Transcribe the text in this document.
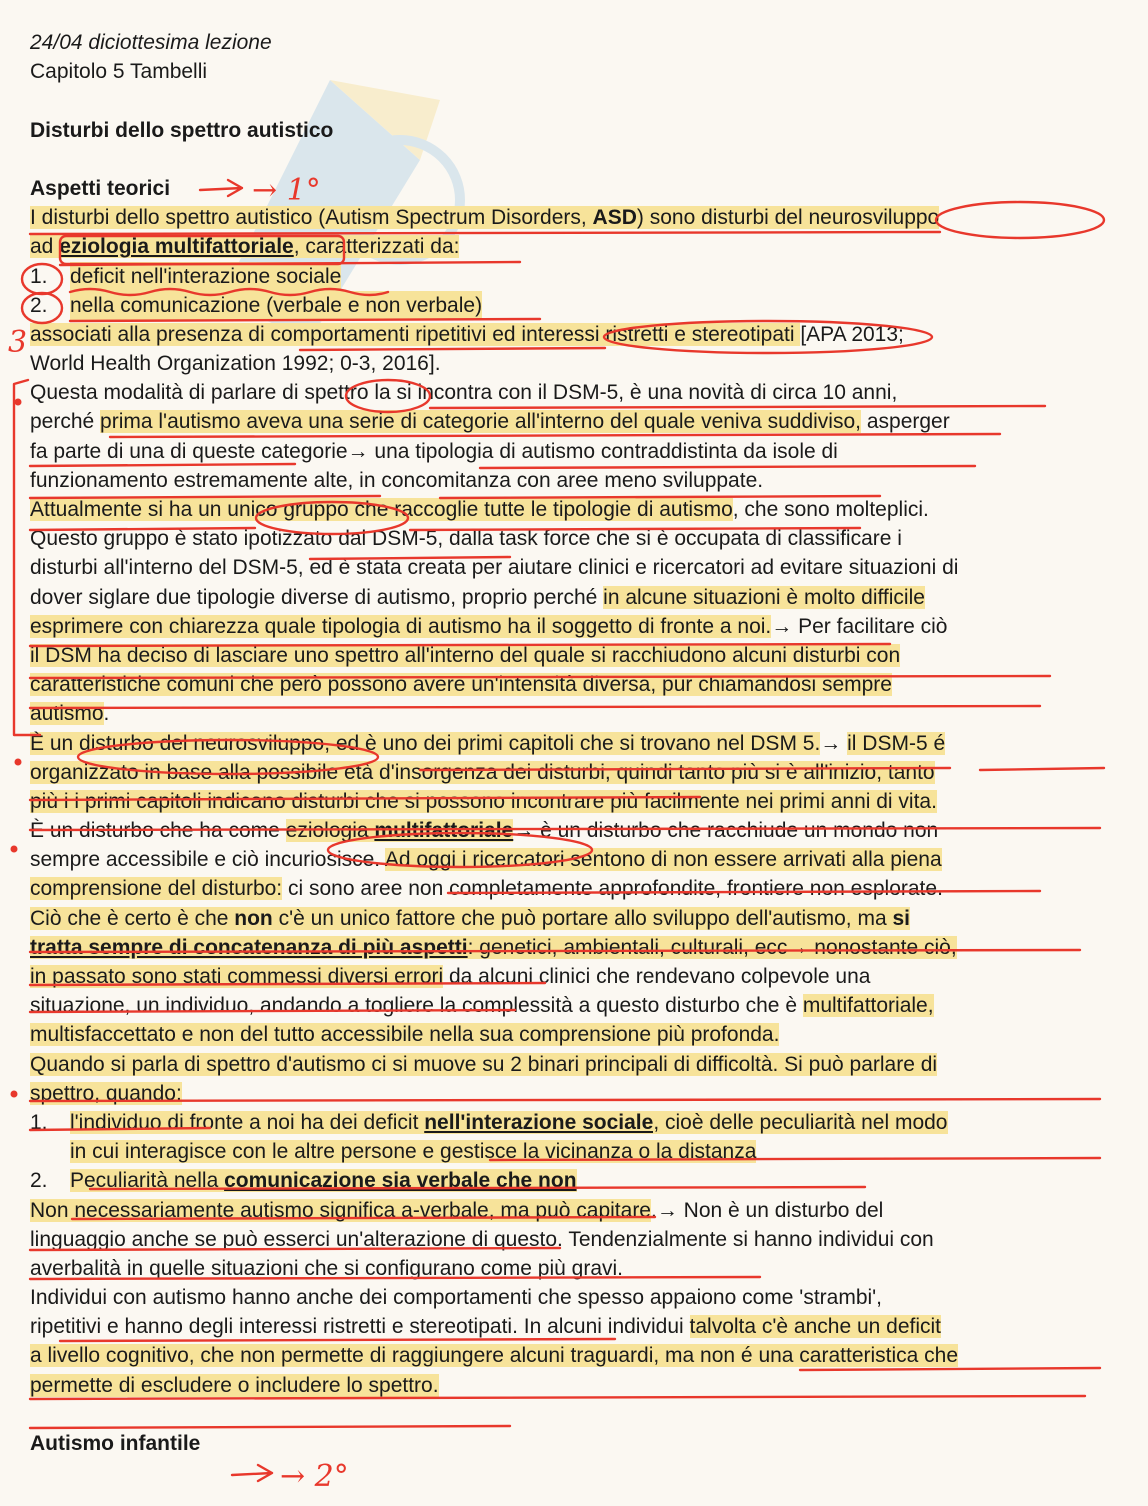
24/04 diciottesima lezione
Capitolo 5 Tambelli
Disturbi dello spettro autistico
Aspetti teorici
I disturbi dello spettro autistico (Autism Spectrum Disorders, ASD) sono disturbi del neurosviluppo
ad eziologia multifattoriale, caratterizzati da:
1. deficit nell'interazione sociale
2. nella comunicazione (verbale e non verbale)
associati alla presenza di comportamenti ripetitivi ed interessi ristretti e stereotipati [APA 2013;
World Health Organization 1992; 0-3, 2016].
Questa modalità di parlare di spettro la si incontra con il DSM-5, è una novità di circa 10 anni,
perché prima l'autismo aveva una serie di categorie all'interno del quale veniva suddiviso, asperger
fa parte di una di queste categorie→ una tipologia di autismo contraddistinta da isole di
funzionamento estremamente alte, in concomitanza con aree meno sviluppate.
Attualmente si ha un unico gruppo che raccoglie tutte le tipologie di autismo, che sono molteplici.
Questo gruppo è stato ipotizzato dal DSM-5, dalla task force che si è occupata di classificare i
disturbi all'interno del DSM-5, ed è stata creata per aiutare clinici e ricercatori ad evitare situazioni di
dover siglare due tipologie diverse di autismo, proprio perché in alcune situazioni è molto difficile
esprimere con chiarezza quale tipologia di autismo ha il soggetto di fronte a noi.→ Per facilitare ciò
il DSM ha deciso di lasciare uno spettro all'interno del quale si racchiudono alcuni disturbi con
caratteristiche comuni che però possono avere un'intensità diversa, pur chiamandosi sempre
autismo.
È un disturbo del neurosviluppo, ed è uno dei primi capitoli che si trovano nel DSM 5.→ il DSM-5 é
organizzato in base alla possibile età d'insorgenza dei disturbi, quindi tanto più si è all'inizio, tanto
più i i primi capitoli indicano disturbi che si possono incontrare più facilmente nei primi anni di vita.
È un disturbo che ha come eziologia multifattoriale→ è un disturbo che racchiude un mondo non
sempre accessibile e ciò incuriosisce. Ad oggi i ricercatori sentono di non essere arrivati alla piena
comprensione del disturbo: ci sono aree non completamente approfondite, frontiere non esplorate.
Ciò che è certo è che non c'è un unico fattore che può portare allo sviluppo dell'autismo, ma si
tratta sempre di concatenanza di più aspetti: genetici, ambientali, culturali, ecc→ nonostante ciò,
in passato sono stati commessi diversi errori da alcuni clinici che rendevano colpevole una
situazione, un individuo, andando a togliere la complessità a questo disturbo che è multifattoriale,
multisfaccettato e non del tutto accessibile nella sua comprensione più profonda.
Quando si parla di spettro d'autismo ci si muove su 2 binari principali di difficoltà. Si può parlare di
spettro, quando:
1. l'individuo di fronte a noi ha dei deficit nell'interazione sociale, cioè delle peculiarità nel modo
in cui interagisce con le altre persone e gestisce la vicinanza o la distanza
2. Peculiarità nella comunicazione sia verbale che non
Non necessariamente autismo significa a-verbale, ma può capitare.→ Non è un disturbo del
linguaggio anche se può esserci un'alterazione di questo. Tendenzialmente si hanno individui con
averbalità in quelle situazioni che si configurano come più gravi.
Individui con autismo hanno anche dei comportamenti che spesso appaiono come 'strambi',
ripetitivi e hanno degli interessi ristretti e stereotipati. In alcuni individui talvolta c'è anche un deficit
a livello cognitivo, che non permette di raggiungere alcuni traguardi, ma non é una caratteristica che
permette di escludere o includere lo spettro.
Autismo infantile
→ 1°
→ 2°
3
